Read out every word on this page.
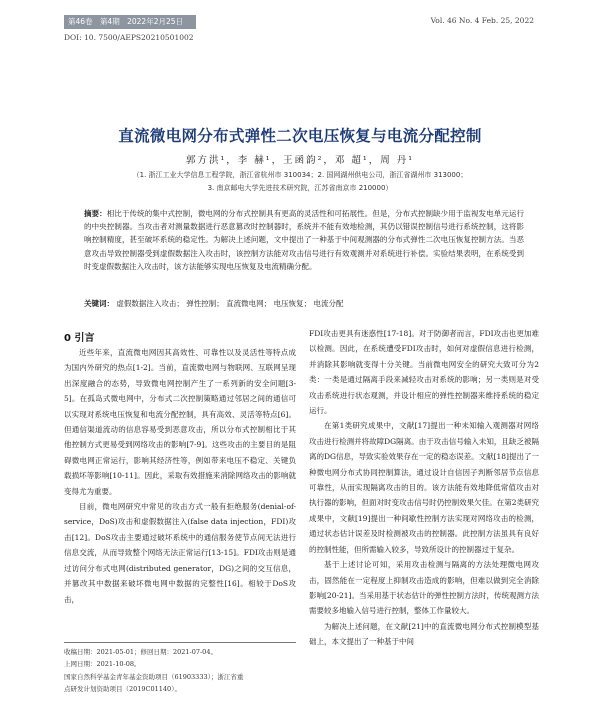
第46卷 第4期 2022年2月25日	Vol. 46 No. 4 Feb. 25, 2022
DOI: 10. 7500/AEPS20210501002
直流微电网分布式弹性二次电压恢复与电流分配控制
郭方洪¹，李 赫¹，王函韵²，邓 超¹，周 丹¹
（1. 浙江工业大学信息工程学院，浙江省杭州市 310034；2. 国网湖州供电公司，浙江省湖州市 313000；
3. 南京邮电大学先进技术研究院，江苏省南京市 210000）
摘要：相比于传统的集中式控制，微电网的分布式控制具有更高的灵活性和可拓展性。但是，分布式控制缺少用于监视发电单元运行的中央控制器。当攻击者对测量数据进行恶意篡改时控制器时，系统并不能有效地检测，其仍以错误控制信号进行系统控制，这将影响控制精度，甚至破坏系统的稳定性。为解决上述问题，文中提出了一种基于中间观测器的分布式弹性二次电压恢复控制方法。当恶意攻击导致控制器受到虚假数据注入攻击时，该控制方法能对攻击信号进行有效观测并对系统进行补偿。实验结果表明，在系统受到时变虚假数据注入攻击时，该方法能够实现电压恢复及电流精确分配。
关键词： 虚假数据注入攻击； 弹性控制； 直流微电网； 电压恢复； 电流分配
0 引言

近些年来，直流微电网因其高效性、可靠性以及灵活性等特点成为国内外研究的热点[1-2]。当前，直流微电网与物联网、互联网呈现出深度融合的态势，导致微电网控制产生了一系列新的安全问题[3-5]。在孤岛式微电网中，分布式二次控制策略通过邻居之间的通信可以实现对系统电压恢复和电流分配控制，具有高效、灵活等特点[6]。但通信渠道流动的信息容易受到恶意攻击，所以分布式控制相比于其他控制方式更易受到网络攻击的影响[7-9]。这些攻击的主要目的是阻碍微电网正常运行，影响其经济性等，例如带来电压不稳定、关键负载损坏等影响[10-11]。因此，采取有效措施来消除网络攻击的影响就变得尤为重要。

目前，微电网研究中常见的攻击方式一般有拒绝服务(denial-of-service，DoS)攻击和虚假数据注入(false data injection，FDI)攻击[12]。DoS攻击主要通过破坏系统中的通信服务使节点间无法进行信息交流，从而导致整个网络无法正常运行[13-15]。FDI攻击则是通过访问分布式电网(distributed generator，DG)之间的交互信息，并篡改其中数据来破坏微电网中数据的完整性[16]。相较于DoS攻击，

FDI攻击更具有迷惑性[17-18]。对于防御者而言，FDI攻击也更加难以检测。因此，在系统遭受FDI攻击时，如何对虚假信息进行检测，并消除其影响就变得十分关键。当前微电网安全的研究大致可分为2类：一类是通过隔离手段来减轻攻击对系统的影响；另一类则是对受攻击系统进行状态观测，并设计相应的弹性控制器来维持系统的稳定运行。

在第1类研究成果中，文献[17]提出一种未知输入观测器对网络攻击进行检测并将故障DG隔离。由于攻击信号输入未知，且缺乏被隔离的DG信息，导致实验效果存在一定的稳态误差。文献[18]提出了一种微电网分布式协同控制算法，通过设计自信因子判断邻居节点信息可靠性，从而实现隔离攻击的目的。该方法能有效地降低常值攻击对执行器的影响，但面对时变攻击信号时仍控制效果欠佳。在第2类研究成果中，文献[19]提出一种间歇性控制方法实现对网络攻击的检测，通过状态估计误差及时检测被攻击的控制器。此控制方法虽具有良好的控制性能，但所需输入较多，导致所设计的控制器过于复杂。

基于上述讨论可知，采用攻击检测与隔离的方法处理微电网攻击，固然能在一定程度上抑制攻击造成的影响，但难以做到完全消除影响[20-21]。当采用基于状态估计的弹性控制方法时，传统观测方法需要较多地输入信号进行控制，整体工作量较大。

为解决上述问题，在文献[21]中的直流微电网分布式控制模型基础上，本文提出了一种基于中间

收稿日期：2021-05-01；修回日期：2021-07-04。
上网日期：2021-10-08。
国家自然科学基金青年基金资助项目（61903333）；浙江省重
点研发计划资助项目（2019C01140）。
